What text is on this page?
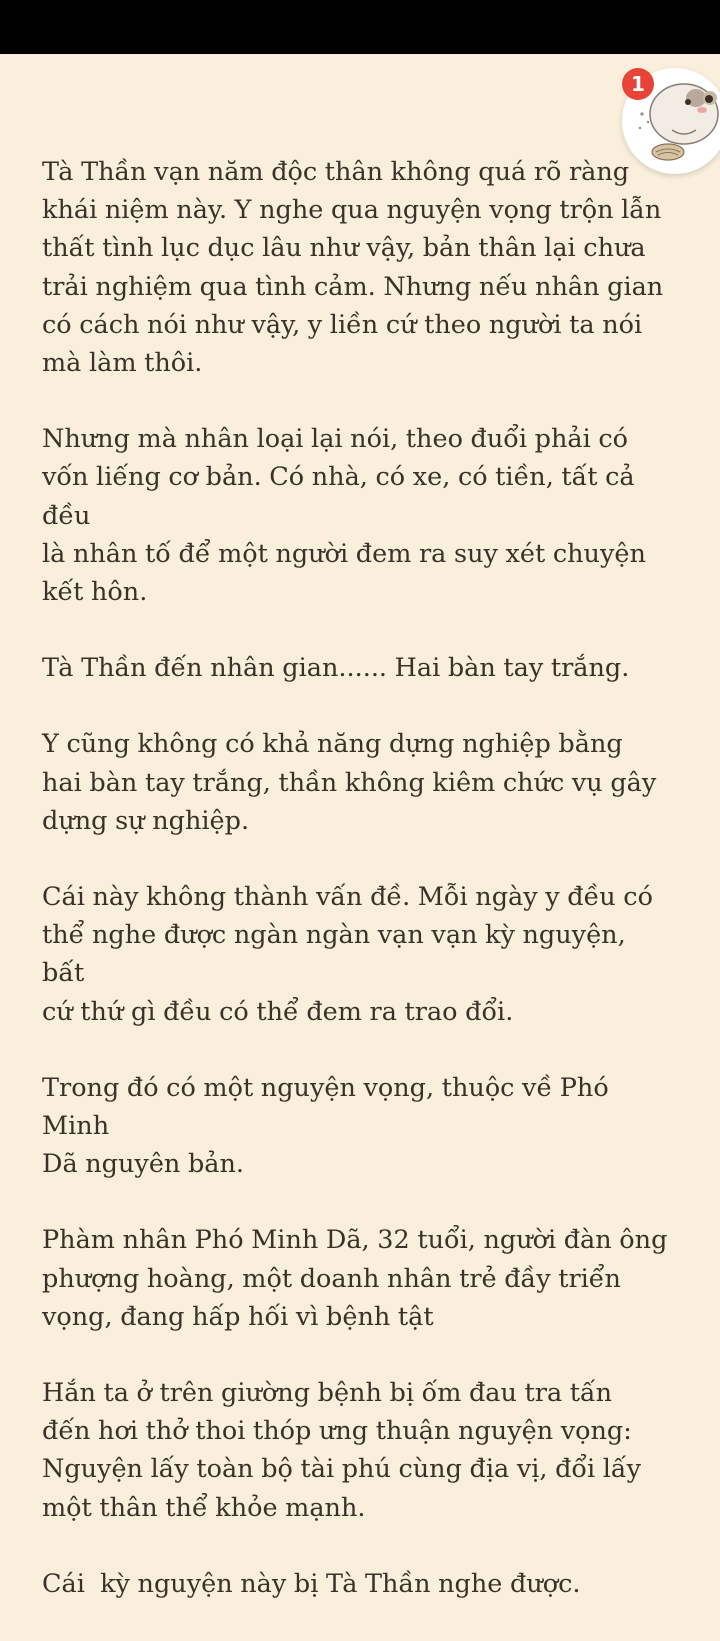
Tà Thần vạn năm độc thân không quá rõ ràng
khái niệm này. Y nghe qua nguyện vọng trộn lẫn
thất tình lục dục lâu như vậy, bản thân lại chưa
trải nghiệm qua tình cảm. Nhưng nếu nhân gian
có cách nói như vậy, y liền cứ theo người ta nói
mà làm thôi.

Nhưng mà nhân loại lại nói, theo đuổi phải có
vốn liếng cơ bản. Có nhà, có xe, có tiền, tất cả đều
là nhân tố để một người đem ra suy xét chuyện
kết hôn.

Tà Thần đến nhân gian...... Hai bàn tay trắng.

Y cũng không có khả năng dựng nghiệp bằng
hai bàn tay trắng, thần không kiêm chức vụ gây
dựng sự nghiệp.

Cái này không thành vấn đề. Mỗi ngày y đều có
thể nghe được ngàn ngàn vạn vạn kỳ nguyện, bất
cứ thứ gì đều có thể đem ra trao đổi.

Trong đó có một nguyện vọng, thuộc về Phó Minh
Dã nguyên bản.

Phàm nhân Phó Minh Dã, 32 tuổi, người đàn ông
phượng hoàng, một doanh nhân trẻ đầy triển
vọng, đang hấp hối vì bệnh tật

Hắn ta ở trên giường bệnh bị ốm đau tra tấn
đến hơi thở thoi thóp ưng thuận nguyện vọng:
Nguyện lấy toàn bộ tài phú cùng địa vị, đổi lấy
một thân thể khỏe mạnh.

Cái  kỳ nguyện này bị Tà Thần nghe được.

1
